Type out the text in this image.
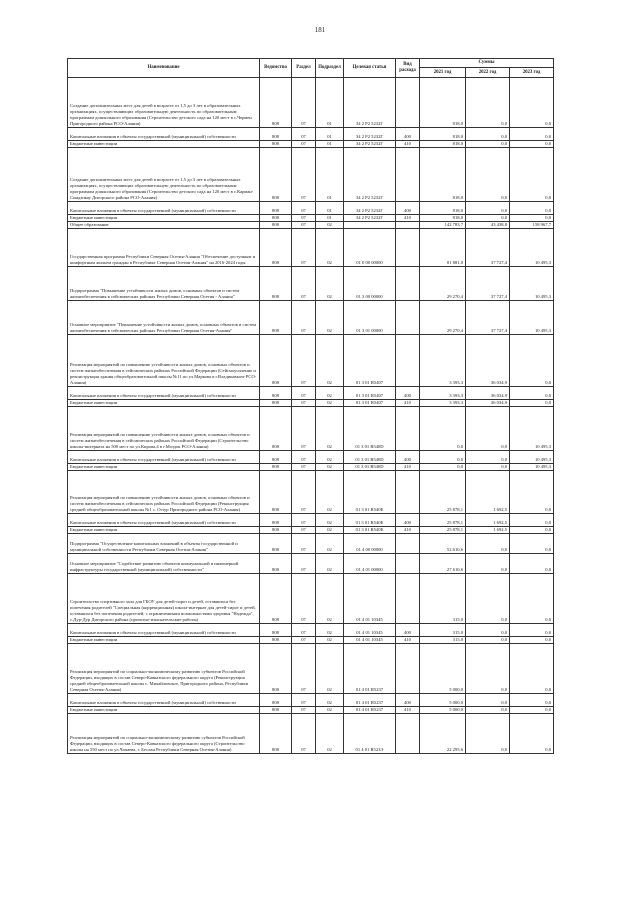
181
Наименование	Ведомство	Раздел	Подраздел	Целевая статья	Вид расхода	Суммы		
						2021 год	2022 год	2023 год
Создание дополнительных мест для детей в возрасте от 1,5 до 3 лет в образовательных организациях, осуществляющих образовательную деятельность по образовательным программам дошкольного образования (Строительство детского сада на 120 мест в с.Чермен Пригородного района РСО-Алания)	808	07	01	34 2 P2 5232Г		818,0	0,0	0,0
Капитальные вложения в объекты государственной (муниципальной) собственности	808	07	01	34 2 P2 5232Г	400	818,0	0,0	0,0
Бюджетные инвестиции	808	07	01	34 2 P2 5232Г	410	818,0	0,0	0,0
Создание дополнительных мест для детей в возрасте от 1,5 до 3 лет в образовательных организациях, осуществляющих образовательную деятельность по образовательным программам дошкольного образования (Строительство детского сада на 120 мест в с.Карман-Синдзикау Дигорского района РСО-Алания)	808	07	01	34 2 P2 5232Г		818,0	0,0	0,0
Капитальные вложения в объекты государственной (муниципальной) собственности	808	07	01	34 2 P2 5232Г	400	818,0	0,0	0,0
Бюджетные инвестиции	808	07	01	34 2 P2 5232Г	410	818,0	0,0	0,0
Общее образование	808	07	02			142 783,7	43 438,8	158 967,7
Государственная программа Республики Северная Осетия-Алания "Обеспечение доступным и комфортным жильем граждан в Республике Северная Осетия-Алания" на 2016-2024 годы	808	07	02	01 0 00 00000		81 881,0	37 727,4	10 495,3
Подпрограмма "Повышение устойчивости жилых домов, основных объектов и систем жизнеобеспечения в сейсмических районах Республики Северная Осетия - Алания"	808	07	02	01 3 00 00000		29 270,4	37 727,4	10 495,3
Основное мероприятие "Повышение устойчивости жилых домов, основных объектов и систем жизнеобеспечения в сейсмических районах Республики Северная Осетия-Алания"	808	07	02	01 3 01 00000		29 270,4	37 727,4	10 495,3
Реализация мероприятий по повышению устойчивости жилых домов, основных объектов и систем жизнеобеспечения в сейсмических районах Российской Федерации (Сейсмоусиление и реконструкция здания общеобразовательной школы №11 по ул.Маркова в г.Владикавказе РСО-Алания)	808	07	02	01 3 01 R5407		3 393,3	36 034,9	0,0
Капитальные вложения в объекты государственной (муниципальной) собственности	808	07	02	01 3 01 R5407	400	3 393,3	36 034,9	0,0
Бюджетные инвестиции	808	07	02	01 3 01 R5407	410	3 393,3	36 034,9	0,0
Реализация мероприятий по повышению устойчивости жилых домов, основных объектов и систем жизнеобеспечения в сейсмических районах Российской Федерации (Строительство школы-интерната на 500 мест по ул.Кирова,4 в г.Моздок РСО-Алания)	808	07	02	01 3 01 R540D		0,0	0,0	10 495,3
Капитальные вложения в объекты государственной (муниципальной) собственности	808	07	02	01 3 01 R540D	400	0,0	0,0	10 495,3
Бюджетные инвестиции	808	07	02	01 3 01 R540D	410	0,0	0,0	10 495,3
Реализация мероприятий по повышению устойчивости жилых домов, основных объектов и систем жизнеобеспечения в сейсмических районах Российской Федерации (Реконструкция средней общеобразовательной школы №1 с. Octyp Пригородного района РСО-Алания)	808	07	02	01 3 01 R540E		25 878,1	1 692,5	0,0
Капитальные вложения в объекты государственной (муниципальной) собственности	808	07	02	01 3 01 R540E	400	25 878,1	1 692,5	0,0
Бюджетные инвестиции	808	07	02	01 3 01 R540E	410	25 878,1	1 692,5	0,0
Подпрограмма "Осуществление капитальных вложений в объекты государственной и муниципальной собственности Республики Северная Осетия-Алания"	808	07	02	01 4 00 00000		52 610,6	0,0	0,0
Основное мероприятие "Содействие развитию объектов коммунальной и инженерной инфраструктуры государственной (муниципальной) собственности"	808	07	02	01 4 01 00000		27 610,6	0,0	0,0
Строительство спортивного зала для ГБОУ для детей-сирот и детей, оставшихся без попечения родителей "Специальная (коррекционная) школа-интернат для детей-сирот и детей, оставшихся без попечения родителей, с ограниченными возможностями здоровья "Надежда", с.Дур-Дур Дигорского района (проектно-изыскательские работы)	808	07	02	01 4 01 10345		315,0	0,0	0,0
Капитальные вложения в объекты государственной (муниципальной) собственности	808	07	02	01 4 01 10345	400	315,0	0,0	0,0
Бюджетные инвестиции	808	07	02	01 4 01 10345	410	315,0	0,0	0,0
Реализация мероприятий по социально-экономическому развитию субъектов Российской Федерации, входящих в состав Северо-Кавказского федерального округа (Реконструкция средней общеобразовательной школы с. Михайловское, Пригородного района, Республики Северная Осетия-Алания)	808	07	02	01 4 01 R5237		5 000,0	0,0	0,0
Капитальные вложения в объекты государственной (муниципальной) собственности	808	07	02	01 4 01 R5237	400	5 000,0	0,0	0,0
Бюджетные инвестиции	808	07	02	01 4 01 R5237	410	5 000,0	0,0	0,0
Реализация мероприятий по социально-экономическому развитию субъектов Российской Федерации, входящих в состав Северо-Кавказского федерального округа (Строительство школы на 550 мест по ул.Чапаева, г. Беслан Республики Северная Осетия-Алания)	808	07	02	01 4 01 R523Э		22 295,6	0,0	0,0
